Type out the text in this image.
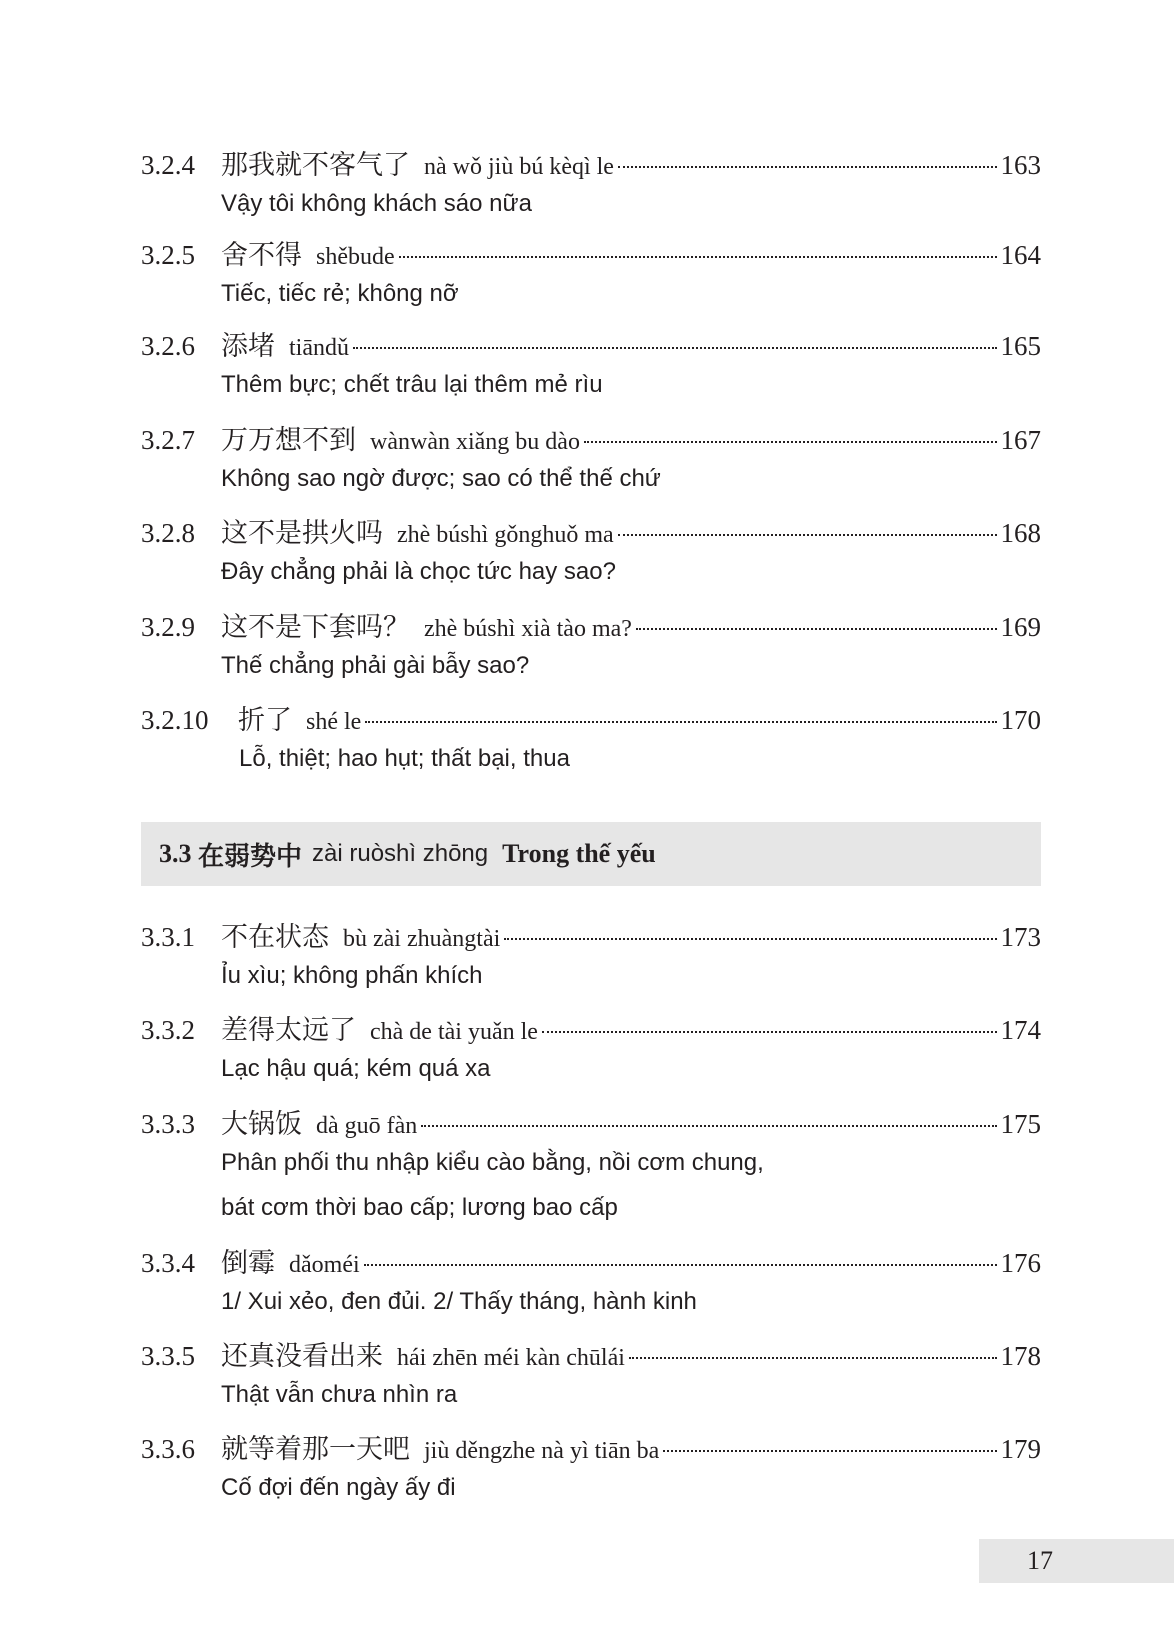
3.2.4 那我就不客气了 nà wǒ jiù bú kèqì le	163
Vậy tôi không khách sáo nữa
3.2.5 舍不得 shěbude	164
Tiếc, tiếc rẻ; không nỡ
3.2.6 添堵 tiāndǔ	165
Thêm bực; chết trâu lại thêm mẻ rìu
3.2.7 万万想不到 wànwàn xiǎng bu dào	167
Không sao ngờ được; sao có thể thế chứ
3.2.8 这不是拱火吗 zhè búshì gǒnghuǒ ma	168
Đây chẳng phải là chọc tức hay sao?
3.2.9 这不是下套吗？ zhè búshì xià tào ma?	169
Thế chẳng phải gài bẫy sao?
3.2.10	折了 shé le	170
Lỗ, thiệt; hao hụt; thất bại, thua
3.3
在弱势中 zài ruòshì zhōng Trong thế yếu
3.3.1 不在状态 bù zài zhuàngtài	173
Ỉu xìu; không phấn khích
3.3.2 差得太远了 chà de tài yuǎn le	174
Lạc hậu quá; kém quá xa
3.3.3 大锅饭 dà guō fàn	175
Phân phối thu nhập kiểu cào bằng, nồi cơm chung,
bát cơm thời bao cấp; lương bao cấp
3.3.4 倒霉 dǎoméi	176
1/ Xui xẻo, đen đủi. 2/ Thấy tháng, hành kinh
3.3.5 还真没看出来 hái zhēn méi kàn chūlái	178
Thật vẫn chưa nhìn ra
3.3.6 就等着那一天吧 jiù děngzhe nà yì tiān ba	179
Cố đợi đến ngày ấy đi
17
